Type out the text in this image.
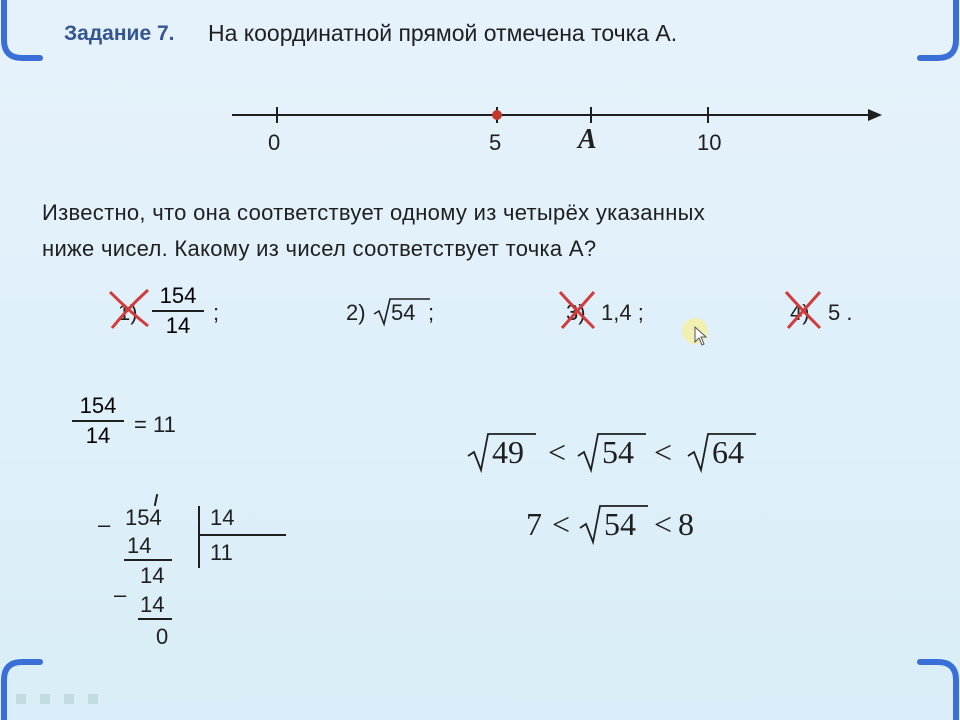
Задание 7. На координатной прямой отмечена точка А.
0	5	A	10
Известно, что она соответствует одному из четырёх указанных
ниже чисел. Какому из чисел соответствует точка А?
$1) \frac{154}{14}$ ;	2) 54 ;	3) 1,4 ;	4) 5 .
$\frac{154}{14} = 11$
– 154 14
11
14
14
– 14
0
49 < 54 < 64
7 < 54 < 8
